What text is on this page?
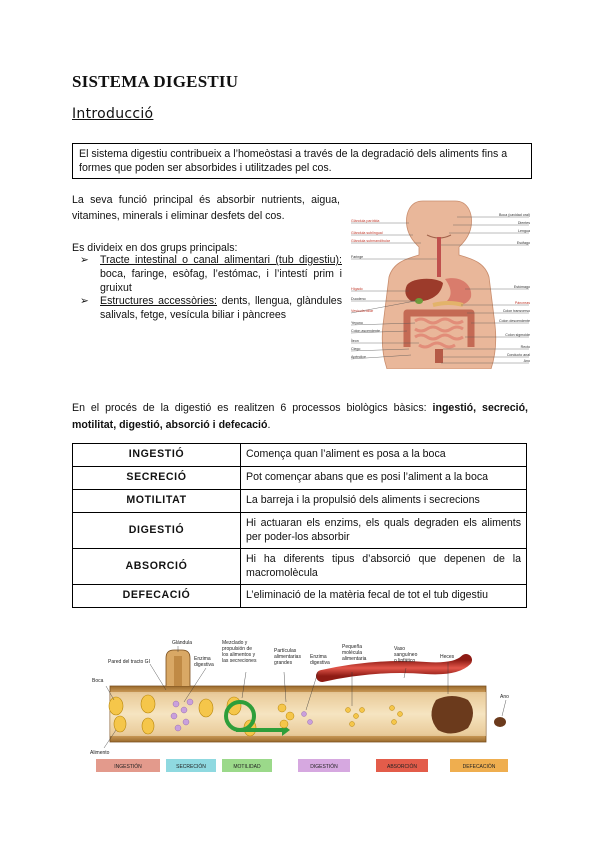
SISTEMA DIGESTIU
Introducció
El sistema digestiu contribueix a l’homeòstasi a través de la degradació dels aliments fins a formes que poden ser absorbides i utilitzades pel cos.
La seva funció principal és absorbir nutrients, aigua, vitamines, minerals i eliminar desfets del cos.
Es divideix en dos grups principals:
➢ Tracte intestinal o canal alimentari (tub digestiu): boca, faringe, esòfag, l’estómac, i l’intestí prim i gruixut
➢ Estructures accessòries: dents, llengua, glàndules salivals, fetge, vesícula biliar i pàncrees
Glàndula parótida
Glàndula sublingual
Glàndula submandibular
Faringe
Hígado
Duodeno
Vesícula biliar
Yeyuno
Colon ascendente
Íleon
Ciego
Apéndice
Boca (cavidad oral)
Dientes
Lengua
Esófago
Estómago
Páncreas
Colon transverso
Colon descendente
Colon sigmoide
Recto
Conducto anal
Ano
En el procés de la digestió es realitzen 6 processos biològics bàsics: ingestió, secreció, motilitat, digestió, absorció i defecació.
INGESTIÓ	Comença quan l’aliment es posa a la boca
SECRECIÓ	Pot començar abans que es posi l’aliment a la boca
MOTILITAT	La barreja i la propulsió dels aliments i secrecions
DIGESTIÓ	Hi actuaran els enzims, els quals degraden els aliments per poder-los absorbir
ABSORCIÓ	Hi ha diferents tipus d’absorció que depenen de la macromolècula
DEFECACIÓ	L’eliminació de la matèria fecal de tot el tub digestiu
Glándula
Pared del tracto GI
Boca
Alimento
Enzima
digestiva
Mezclado y
propulsión de
los alimentos y
las secreciones
Partículas
alimentarias
grandes
Enzima
digestiva
Pequeña
molécula
alimentaria
Vaso
sanguíneo
o linfático
Heces
Ano
INGESTIÓN	SECRECIÓN	MOTILIDAD	DIGESTIÓN	ABSORCIÓN	DEFECACIÓN
